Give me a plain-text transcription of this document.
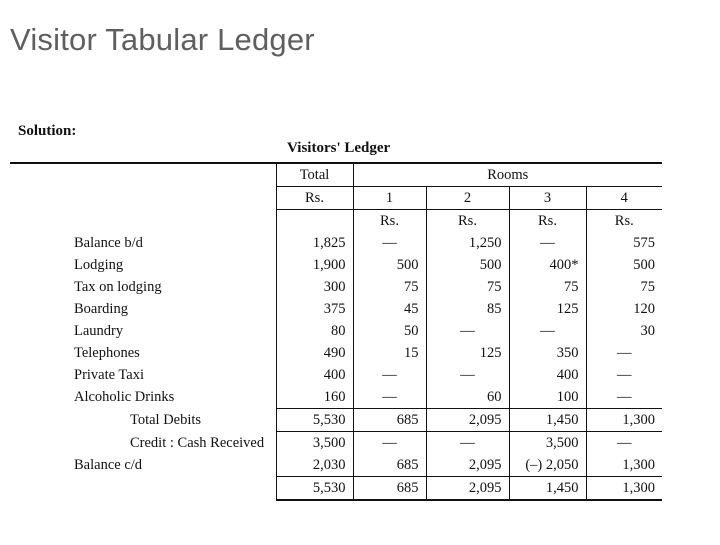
Visitor Tabular Ledger
Solution:
Visitors' Ledger
	Total	Rooms			
	Rs.	1	2	3	4
		Rs.	Rs.	Rs.	Rs.
Balance b/d	1,825	—	1,250	—	575
Lodging	1,900	500	500	400*	500
Tax on lodging	300	75	75	75	75
Boarding	375	45	85	125	120
Laundry	80	50	—	—	30
Telephones	490	15	125	350	—
Private Taxi	400	—	—	400	—
Alcoholic Drinks	160	—	60	100	—
Total Debits	5,530	685	2,095	1,450	1,300
Credit : Cash Received	3,500	—	—	3,500	—
Balance c/d	2,030	685	2,095	(–) 2,050	1,300
	5,530	685	2,095	1,450	1,300
